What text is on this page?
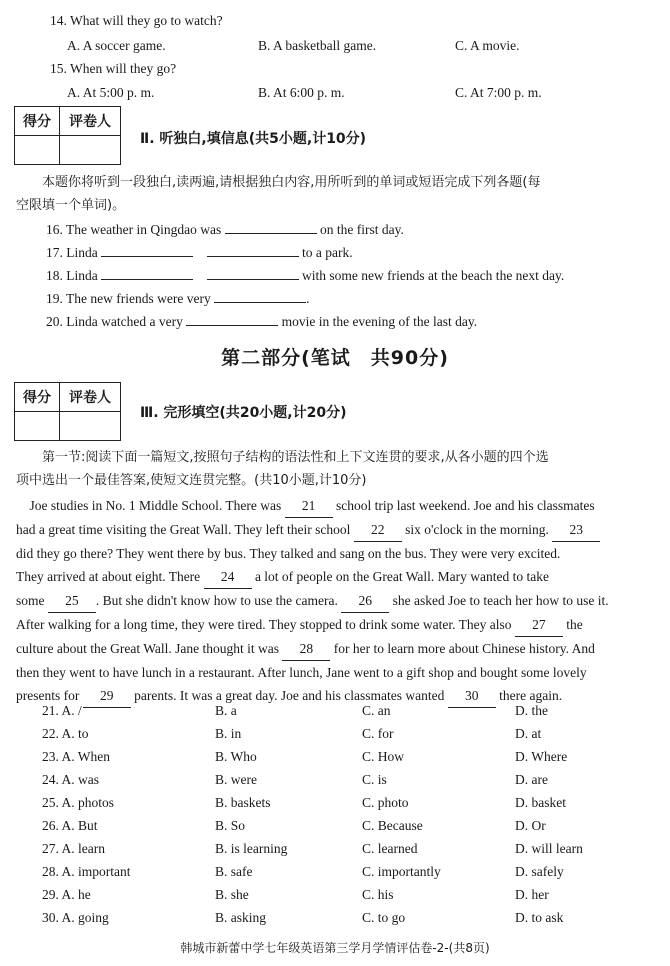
14. What will they go to watch?
A. A soccer game.	B. A basketball game.	C. A movie.
15. When will they go?
A. At 5:00 p. m.	B. At 6:00 p. m.	C. At 7:00 p. m.
得分	评卷人

Ⅱ. 听独白,填信息(共5小题,计10分)
本题你将听到一段独白,读两遍,请根据独白内容,用所听到的单词或短语完成下列各题(每
空限填一个单词)。
16. The weather in Qingdao was	on the first day.
17. Linda	to a park.
18. Linda	with some new friends at the beach the next day.
19. The new friends were very	.
20. Linda watched a very	movie in the evening of the last day.
第二部分(笔试　共90分)
得分	评卷人

Ⅲ. 完形填空(共20小题,计20分)
第一节:阅读下面一篇短文,按照句子结构的语法性和上下文连贯的要求,从各小题的四个选
项中选出一个最佳答案,使短文连贯完整。(共10小题,计10分)
　Joe studies in No. 1 Middle School. There was 21 school trip last weekend. Joe and his classmates
had a great time visiting the Great Wall. They left their school 22 six o'clock in the morning. 23
did they go there? They went there by bus. They talked and sang on the bus. They were very excited.
They arrived at about eight. There 24 a lot of people on the Great Wall. Mary wanted to take
some 25 . But she didn't know how to use the camera. 26 she asked Joe to teach her how to use it.
After walking for a long time, they were tired. They stopped to drink some water. They also 27 the
culture about the Great Wall. Jane thought it was 28 for her to learn more about Chinese history. And
then they went to have lunch in a restaurant. After lunch, Jane went to a gift shop and bought some lovely
presents for 29 parents. It was a great day. Joe and his classmates wanted 30 there again.
21. A. /	B. a	C. an	D. the
22. A. to	B. in	C. for	D. at
23. A. When	B. Who	C. How	D. Where
24. A. was	B. were	C. is	D. are
25. A. photos	B. baskets	C. photo	D. basket
26. A. But	B. So	C. Because	D. Or
27. A. learn	B. is learning	C. learned	D. will learn
28. A. important	B. safe	C. importantly	D. safely
29. A. he	B. she	C. his	D. her
30. A. going	B. asking	C. to go	D. to ask
韩城市新蕾中学七年级英语第三学月学情评估卷-2-(共8页)
